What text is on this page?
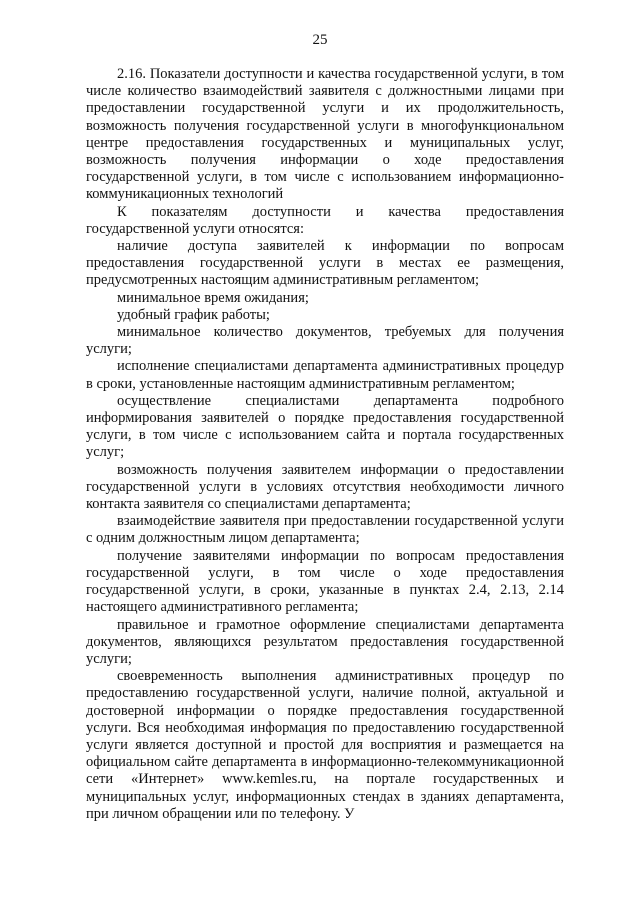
25

2.16. Показатели доступности и качества государственной услуги, в том числе количество взаимодействий заявителя с должностными лицами при предоставлении государственной услуги и их продолжительность, возможность получения государственной услуги в многофункциональном центре предоставления государственных и муниципальных услуг, возможность получения информации о ходе предоставления государственной услуги, в том числе с использованием информационно-коммуникационных технологий

К показателям доступности и качества предоставления государственной услуги относятся:

наличие доступа заявителей к информации по вопросам предоставления государственной услуги в местах ее размещения, предусмотренных настоящим административным регламентом;

минимальное время ожидания;

удобный график работы;

минимальное количество документов, требуемых для получения услуги;

исполнение специалистами департамента административных процедур в сроки, установленные настоящим административным регламентом;

осуществление специалистами департамента подробного информирования заявителей о порядке предоставления государственной услуги, в том числе с использованием сайта и портала государственных услуг;

возможность получения заявителем информации о предоставлении государственной услуги в условиях отсутствия необходимости личного контакта заявителя со специалистами департамента;

взаимодействие заявителя при предоставлении государственной услуги с одним должностным лицом департамента;

получение заявителями информации по вопросам предоставления государственной услуги, в том числе о ходе предоставления государственной услуги, в сроки, указанные в пунктах 2.4, 2.13, 2.14 настоящего административного регламента;

правильное и грамотное оформление специалистами департамента документов, являющихся результатом предоставления государственной услуги;

своевременность выполнения административных процедур по предоставлению государственной услуги, наличие полной, актуальной и достоверной информации о порядке предоставления государственной услуги. Вся необходимая информация по предоставлению государственной услуги является доступной и простой для восприятия и размещается на официальном сайте департамента в информационно-телекоммуникационной сети «Интернет» www.kemles.ru, на портале государственных и муниципальных услуг, информационных стендах в зданиях департамента, при личном обращении или по телефону. У
